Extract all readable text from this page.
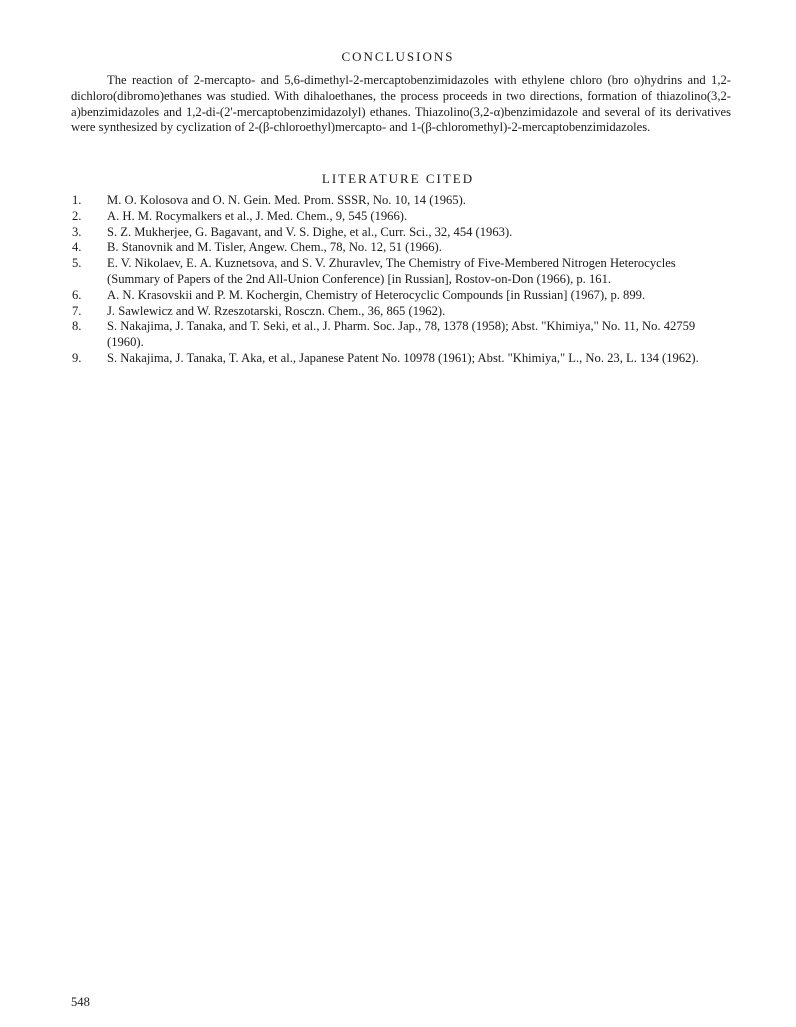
CONCLUSIONS
The reaction of 2-mercapto- and 5,6-dimethyl-2-mercaptobenzimidazoles with ethylene chloro (bro o)hydrins and 1,2-dichloro(dibromo)ethanes was studied. With dihaloethanes, the process proceeds in two directions, formation of thiazolino(3,2-a)benzimidazoles and 1,2-di-(2'-mercaptobenzimidazolyl) ethanes. Thiazolino(3,2-α)benzimidazole and several of its derivatives were synthesized by cyclization of 2-(β-chloroethyl)mercapto- and 1-(β-chloromethyl)-2-mercaptobenzimidazoles.
LITERATURE CITED
1.	M. O. Kolosova and O. N. Gein. Med. Prom. SSSR, No. 10, 14 (1965).
2.	A. H. M. Rocymalkers et al., J. Med. Chem., 9, 545 (1966).
3.	S. Z. Mukherjee, G. Bagavant, and V. S. Dighe, et al., Curr. Sci., 32, 454 (1963).
4.	B. Stanovnik and M. Tisler, Angew. Chem., 78, No. 12, 51 (1966).
5.	E. V. Nikolaev, E. A. Kuznetsova, and S. V. Zhuravlev, The Chemistry of Five-Membered Nitrogen Heterocycles (Summary of Papers of the 2nd All-Union Conference) [in Russian], Rostov-on-Don (1966), p. 161.
6.	A. N. Krasovskii and P. M. Kochergin, Chemistry of Heterocyclic Compounds [in Russian] (1967), p. 899.
7.	J. Sawlewicz and W. Rzeszotarski, Rosczn. Chem., 36, 865 (1962).
8.	S. Nakajima, J. Tanaka, and T. Seki, et al., J. Pharm. Soc. Jap., 78, 1378 (1958); Abst. "Khimiya," No. 11, No. 42759 (1960).
9.	S. Nakajima, J. Tanaka, T. Aka, et al., Japanese Patent No. 10978 (1961); Abst. "Khimiya," L., No. 23, L. 134 (1962).
548
